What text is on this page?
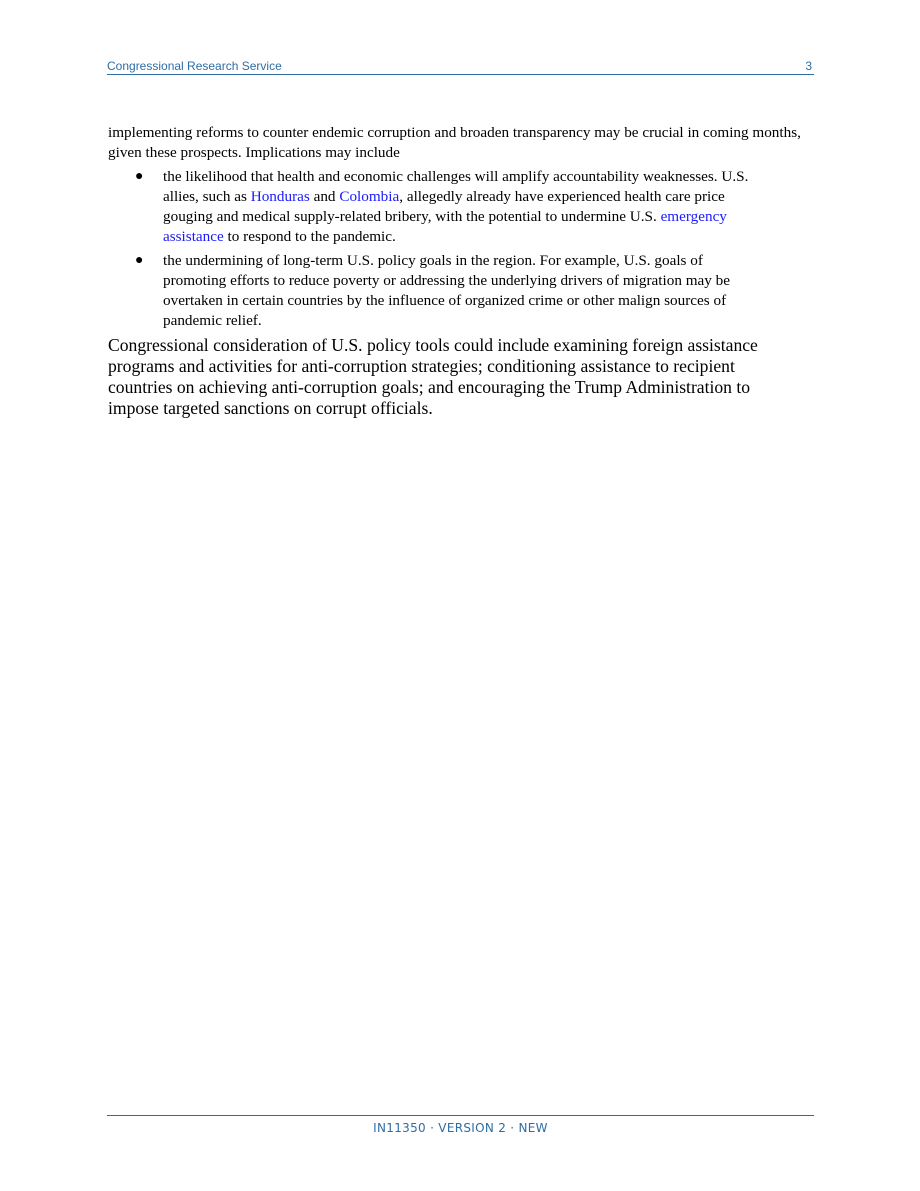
Congressional Research Service	3

implementing reforms to counter endemic corruption and broaden transparency may be crucial in coming months, given these prospects. Implications may include

● the likelihood that health and economic challenges will amplify accountability weaknesses. U.S. allies, such as Honduras and Colombia, allegedly already have experienced health care price gouging and medical supply-related bribery, with the potential to undermine U.S. emergency assistance to respond to the pandemic.
● the undermining of long-term U.S. policy goals in the region. For example, U.S. goals of promoting efforts to reduce poverty or addressing the underlying drivers of migration may be overtaken in certain countries by the influence of organized crime or other malign sources of pandemic relief.

Congressional consideration of U.S. policy tools could include examining foreign assistance programs and activities for anti-corruption strategies; conditioning assistance to recipient countries on achieving anti-corruption goals; and encouraging the Trump Administration to impose targeted sanctions on corrupt officials.

IN11350 · VERSION 2 · NEW
